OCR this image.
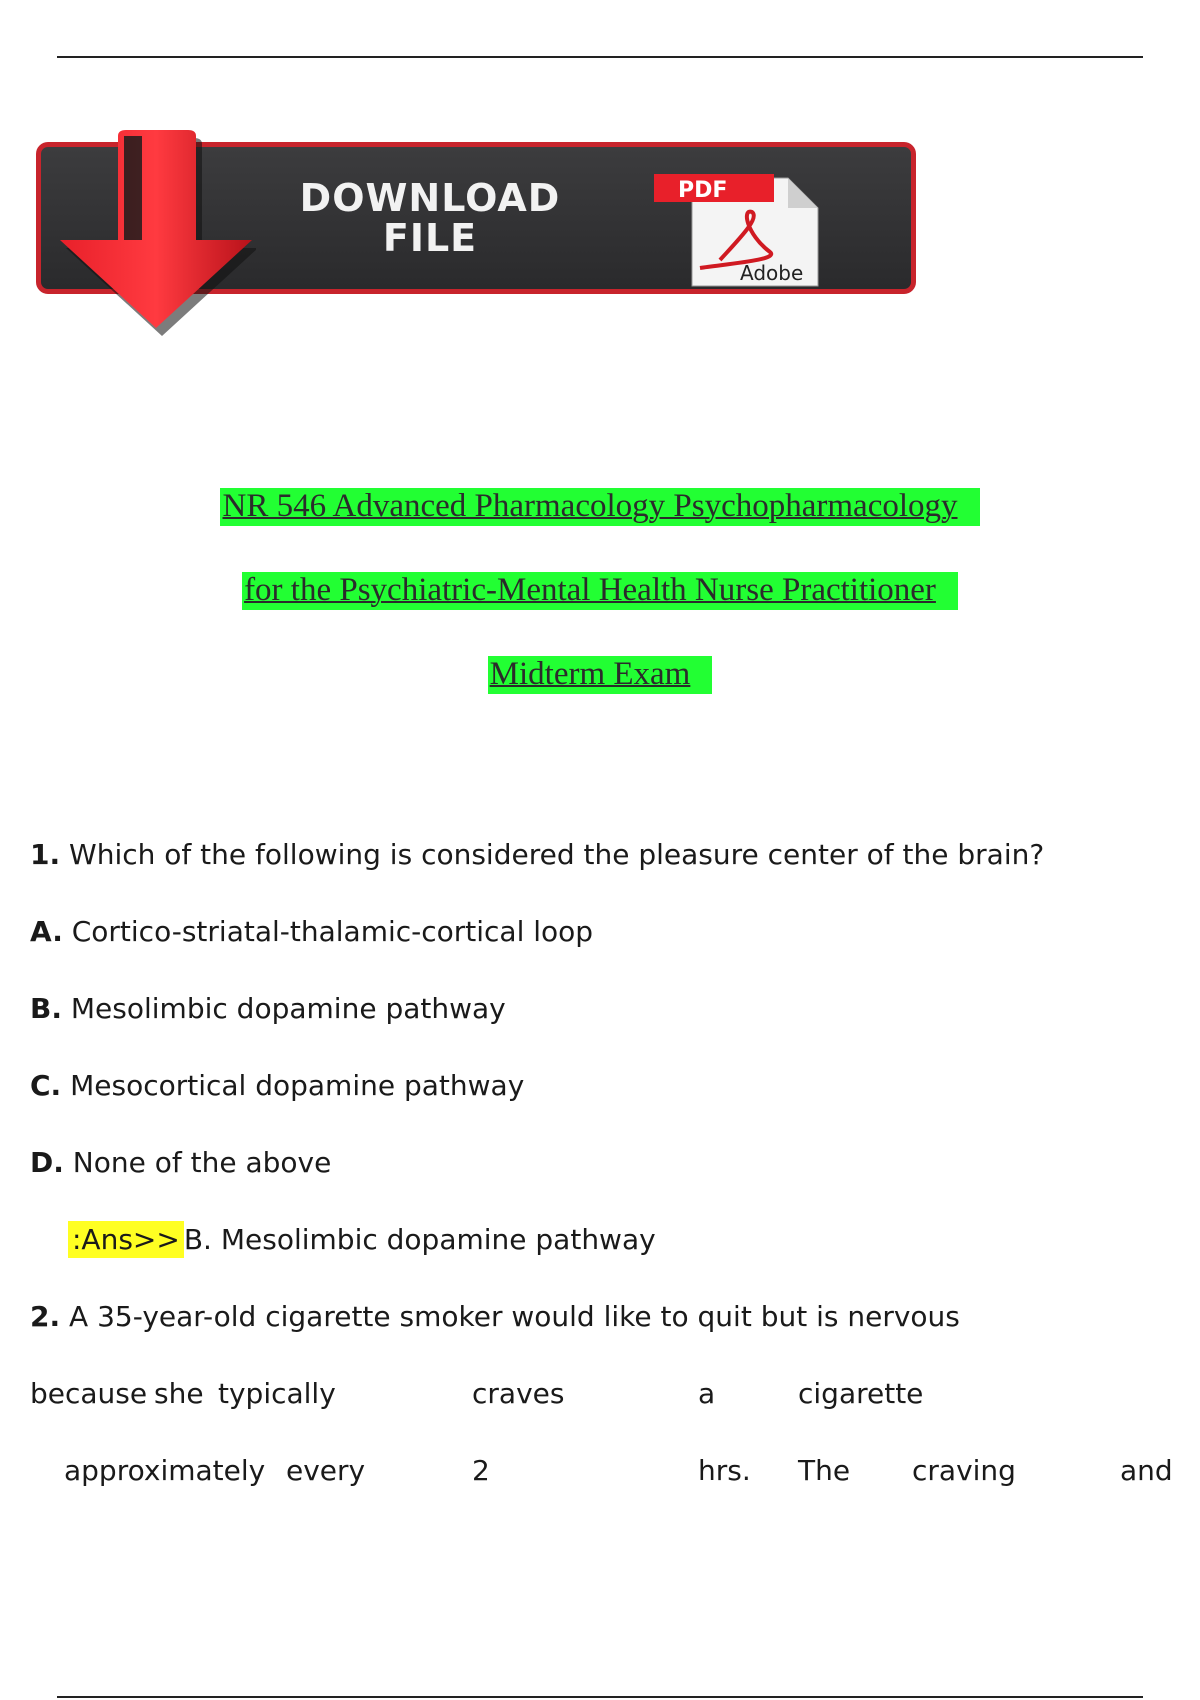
DOWNLOAD
FILE
PDF
Adobe
NR 546 Advanced Pharmacology Psychopharmacology
for the Psychiatric-Mental Health Nurse Practitioner
Midterm Exam
1. Which of the following is considered the pleasure center of the brain?
A. Cortico-striatal-thalamic-cortical loop
B. Mesolimbic dopamine pathway
C. Mesocortical dopamine pathway
D. None of the above
:Ans>> B. Mesolimbic dopamine pathway
2. A 35-year-old cigarette smoker would like to quit but is nervous
because she typically	craves	a	cigarette
approximately every	2	hrs. The craving	and
